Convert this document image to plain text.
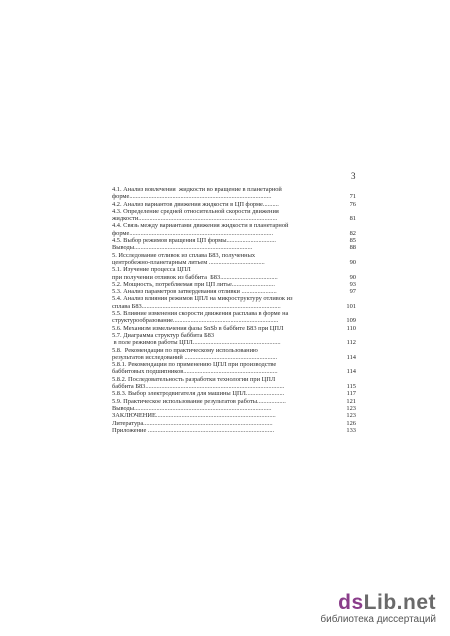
3
4.1. Анализ вовлечения  жидкости во вращение в планетарной
форме.........................................................................................	71
4.2. Анализ вариантов движения жидкости в ЦП форме..........	76
4.3. Определение средней относительной скорости движения
жидкости.......................................................................................	81
4.4. Связь между вариантами движения жидкости в планетарной
форме..........................................................................................	82
4.5. Выбор режимов вращения ЦП формы...............................	85
Выводы..........................................................................	88
5. Исследование отливок из сплава Б83, полученных
центробежно-планетарным литьем ...................................	90
5.1. Изучение процесса ЦПЛ
при получении отливок из баббита  Б83....................................	90
5.2. Мощность, потребляемая при ЦП литье...........................	93
5.3. Анализ параметров затвердевания отливки ......................	97
5.4. Анализ влияния режимов ЦПЛ на микроструктуру отливок из
сплава Б83.......................................................................................	101
5.5. Влияние изменения скорости движения расплава в форме на
структурообразование..................................................................	109
5.6. Механизм измельчения фазы SnSb в баббите Б83 при ЦПЛ	110
5.7. Диаграмма структур баббита Б83
в поле режимов работы ЦПЛ.......................................................	112
5.8.  Рекомендации по практическому использованию
результатов исследований ..........................................................	114
5.8.1. Рекомендации по применению ЦПЛ при производстве
баббитовых подшипников...........................................................	114
5.8.2. Последовательность разработки технологии при ЦПЛ
баббита Б83.......................................................................................	115
5.8.3. Выбор электродвигателя для машины ЦПЛ........................	117
5.9. Практическое использование результатов работы..................	121
Выводы......................................................................................	123
ЗАКЛЮЧЕНИЕ...........................................................................	123
Литература.................................................................................	126
Приложение ...............................................................................	133
dsLib.net
библиотека диссертаций
